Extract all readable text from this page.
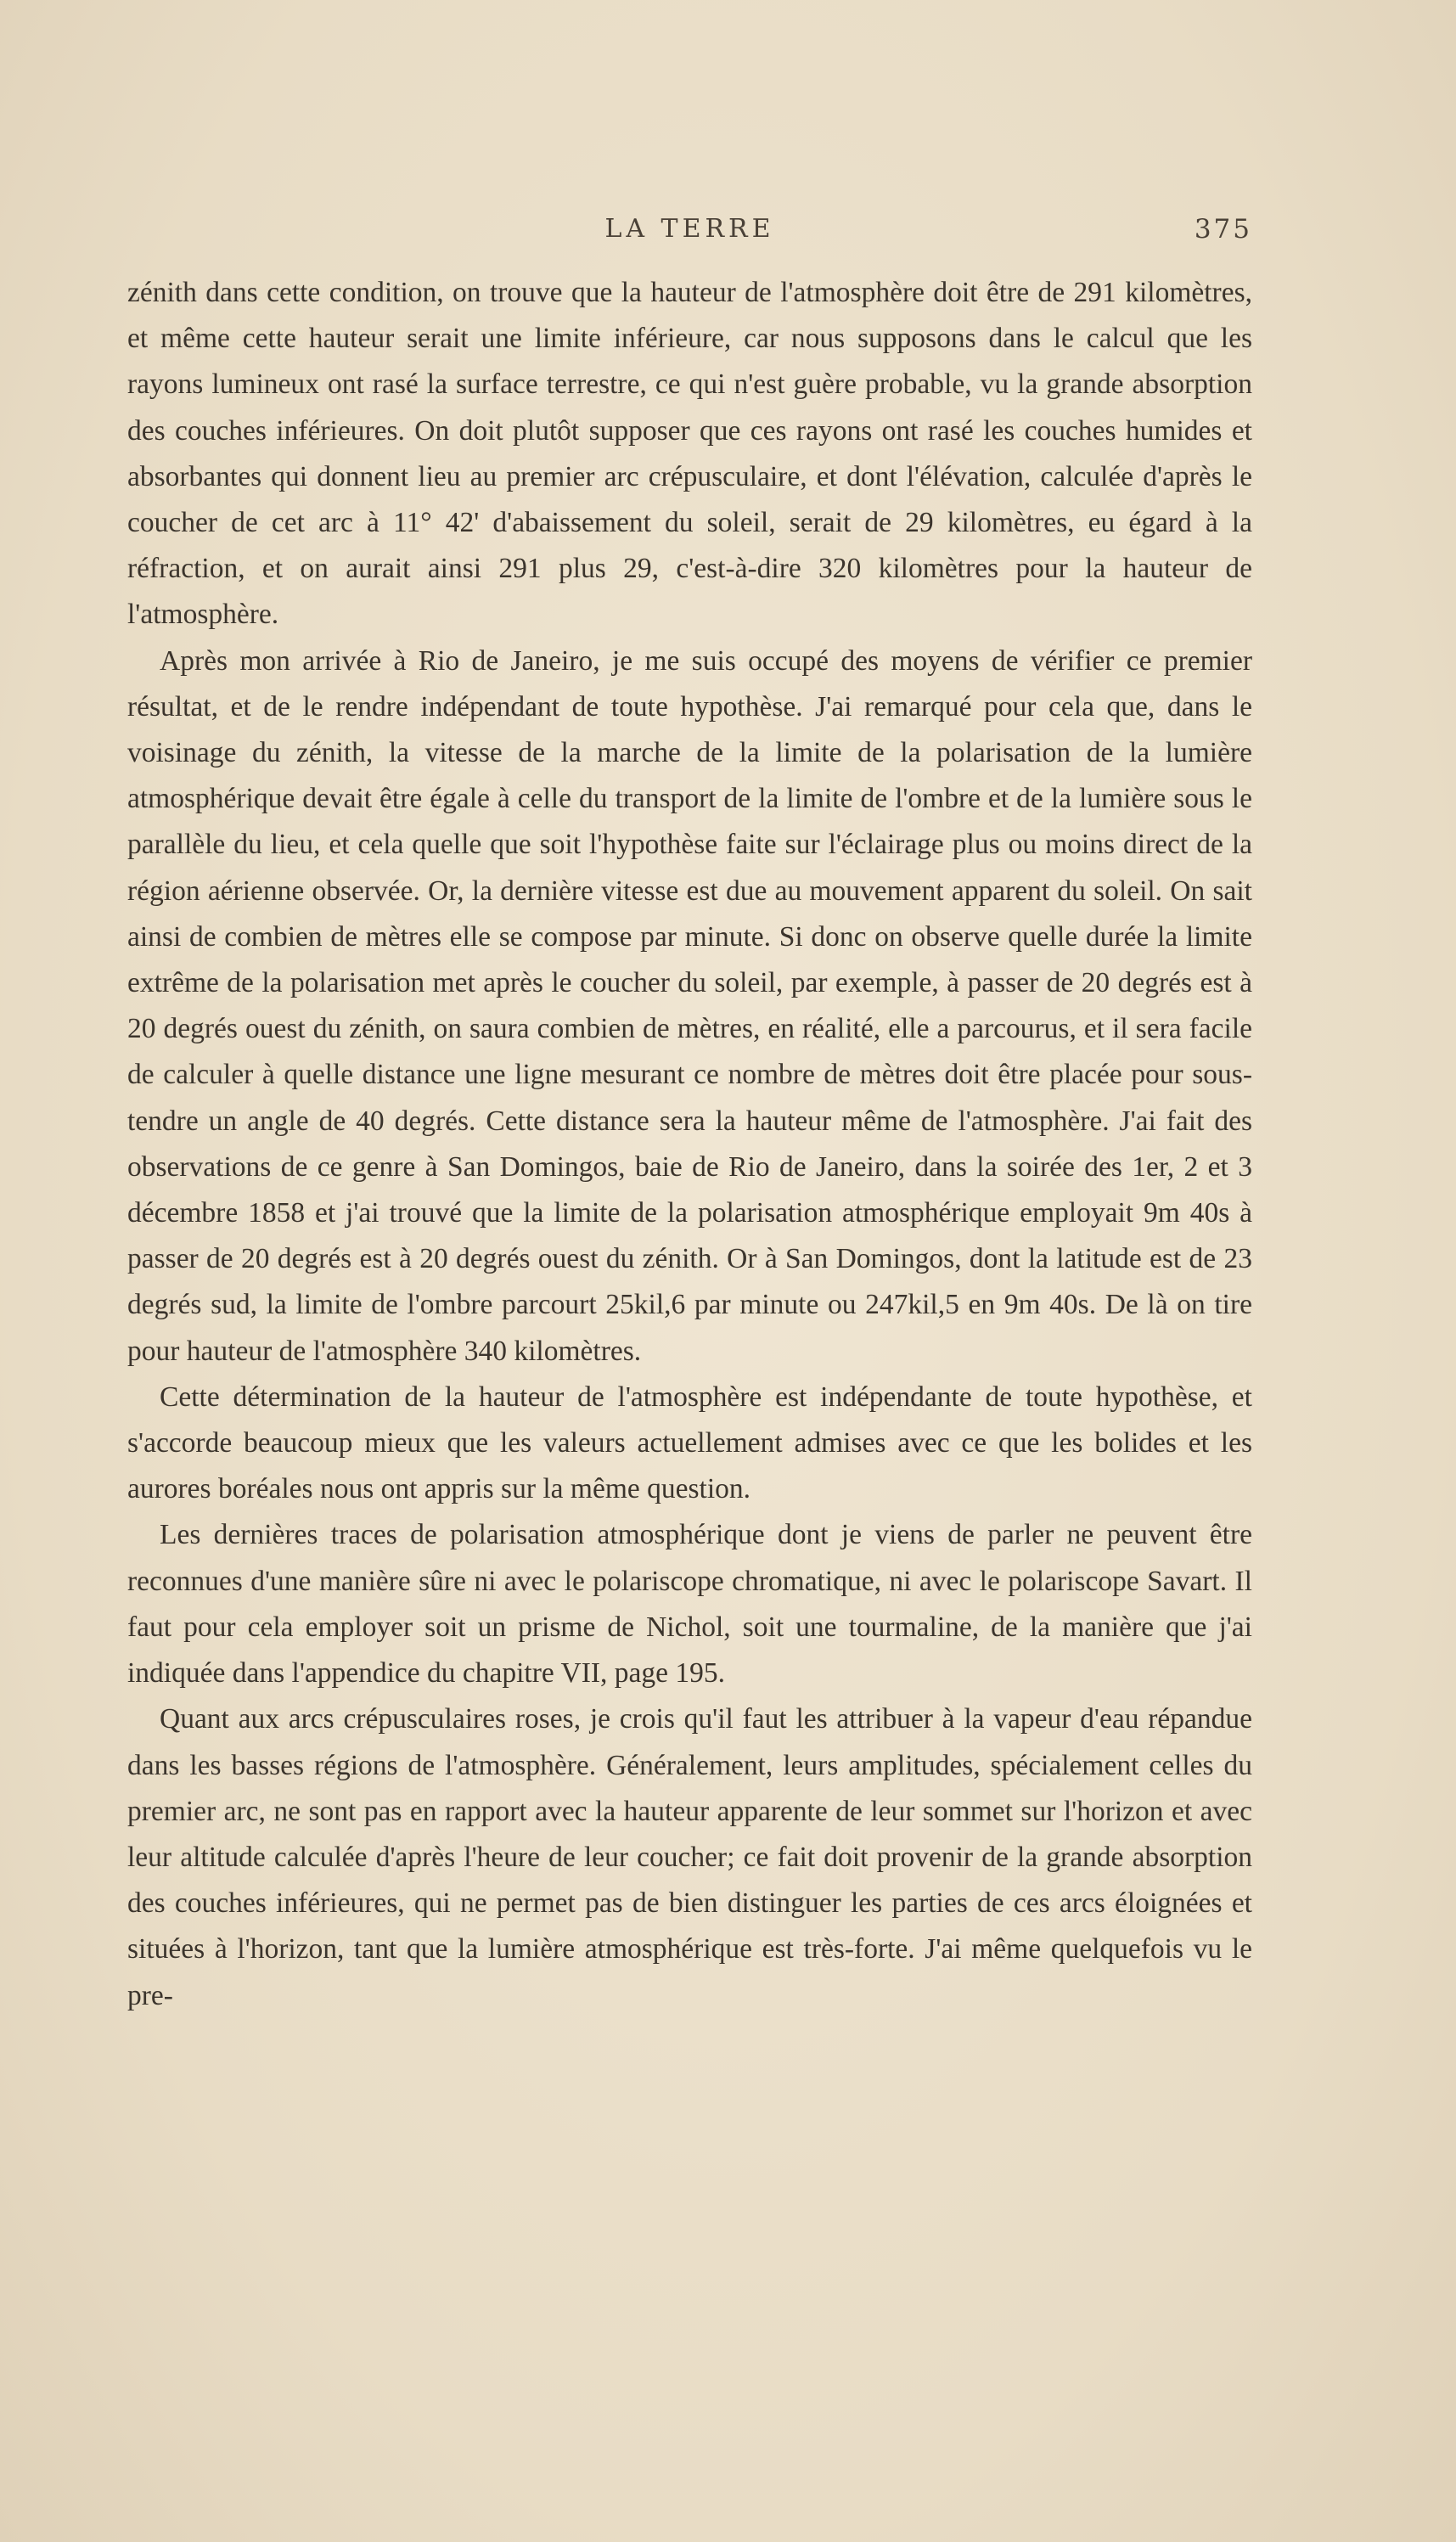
LA TERRE	375

zénith dans cette condition, on trouve que la hauteur de l'atmosphère doit être de 291 kilomètres, et même cette hauteur serait une limite inférieure, car nous supposons dans le calcul que les rayons lumineux ont rasé la surface terrestre, ce qui n'est guère probable, vu la grande absorption des couches inférieures. On doit plutôt supposer que ces rayons ont rasé les couches humides et absorbantes qui donnent lieu au premier arc crépusculaire, et dont l'élévation, calculée d'après le coucher de cet arc à 11° 42' d'abaissement du soleil, serait de 29 kilomètres, eu égard à la réfraction, et on aurait ainsi 291 plus 29, c'est-à-dire 320 kilomètres pour la hauteur de l'atmosphère.

Après mon arrivée à Rio de Janeiro, je me suis occupé des moyens de vérifier ce premier résultat, et de le rendre indépendant de toute hypothèse. J'ai remarqué pour cela que, dans le voisinage du zénith, la vitesse de la marche de la limite de la polarisation de la lumière atmosphérique devait être égale à celle du transport de la limite de l'ombre et de la lumière sous le parallèle du lieu, et cela quelle que soit l'hypothèse faite sur l'éclairage plus ou moins direct de la région aérienne observée. Or, la dernière vitesse est due au mouvement apparent du soleil. On sait ainsi de combien de mètres elle se compose par minute. Si donc on observe quelle durée la limite extrême de la polarisation met après le coucher du soleil, par exemple, à passer de 20 degrés est à 20 degrés ouest du zénith, on saura combien de mètres, en réalité, elle a parcourus, et il sera facile de calculer à quelle distance une ligne mesurant ce nombre de mètres doit être placée pour sous-tendre un angle de 40 degrés. Cette distance sera la hauteur même de l'atmosphère. J'ai fait des observations de ce genre à San Domingos, baie de Rio de Janeiro, dans la soirée des 1er, 2 et 3 décembre 1858 et j'ai trouvé que la limite de la polarisation atmosphérique employait 9m 40s à passer de 20 degrés est à 20 degrés ouest du zénith. Or à San Domingos, dont la latitude est de 23 degrés sud, la limite de l'ombre parcourt 25kil,6 par minute ou 247kil,5 en 9m 40s. De là on tire pour hauteur de l'atmosphère 340 kilomètres.

Cette détermination de la hauteur de l'atmosphère est indépendante de toute hypothèse, et s'accorde beaucoup mieux que les valeurs actuellement admises avec ce que les bolides et les aurores boréales nous ont appris sur la même question.

Les dernières traces de polarisation atmosphérique dont je viens de parler ne peuvent être reconnues d'une manière sûre ni avec le polariscope chromatique, ni avec le polariscope Savart. Il faut pour cela employer soit un prisme de Nichol, soit une tourmaline, de la manière que j'ai indiquée dans l'appendice du chapitre VII, page 195.

Quant aux arcs crépusculaires roses, je crois qu'il faut les attribuer à la vapeur d'eau répandue dans les basses régions de l'atmosphère. Généralement, leurs amplitudes, spécialement celles du premier arc, ne sont pas en rapport avec la hauteur apparente de leur sommet sur l'horizon et avec leur altitude calculée d'après l'heure de leur coucher; ce fait doit provenir de la grande absorption des couches inférieures, qui ne permet pas de bien distinguer les parties de ces arcs éloignées et situées à l'horizon, tant que la lumière atmosphérique est très-forte. J'ai même quelquefois vu le pre-
